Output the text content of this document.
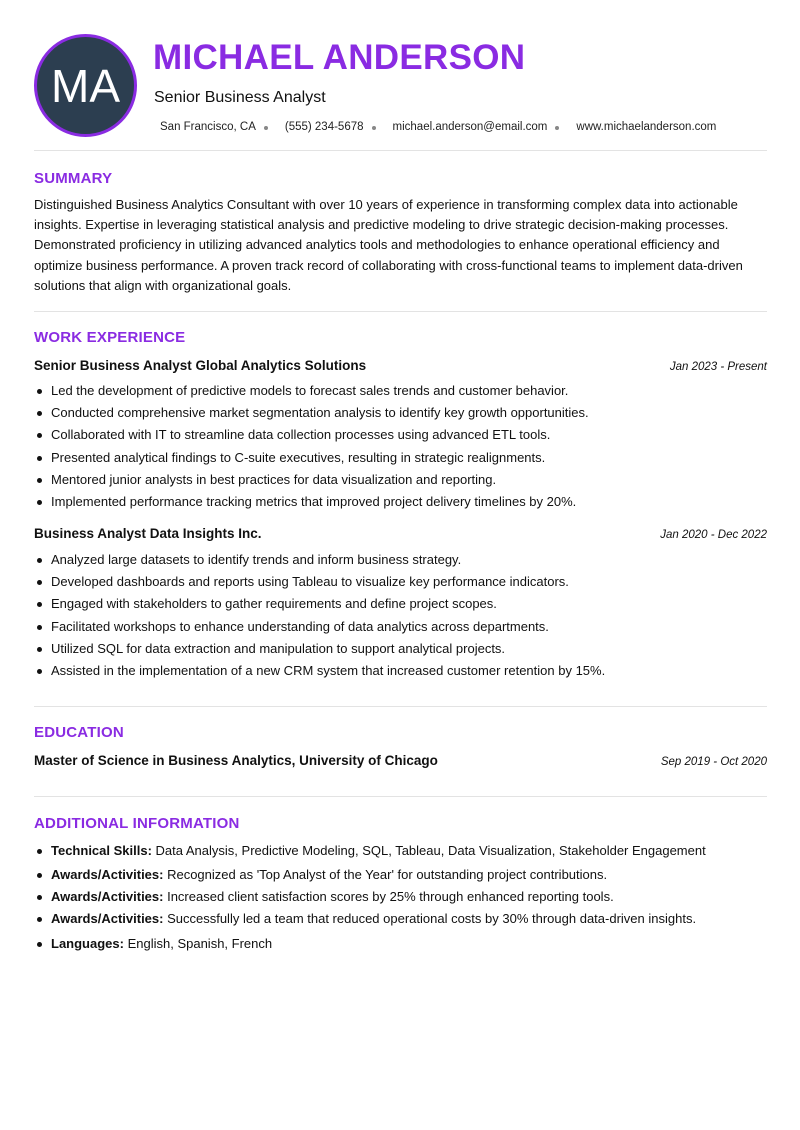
MA
MICHAEL ANDERSON
Senior Business Analyst
San Francisco, CA	(555) 234-5678	michael.anderson@email.com	www.michaelanderson.com
SUMMARY

Distinguished Business Analytics Consultant with over 10 years of experience in transforming complex data into actionable insights. Expertise in leveraging statistical analysis and predictive modeling to drive strategic decision-making processes. Demonstrated proficiency in utilizing advanced analytics tools and methodologies to enhance operational efficiency and optimize business performance. A proven track record of collaborating with cross-functional teams to implement data-driven solutions that align with organizational goals.

WORK EXPERIENCE
Senior Business Analyst Global Analytics Solutions	Jan 2023 - Present
Led the development of predictive models to forecast sales trends and customer behavior.
Conducted comprehensive market segmentation analysis to identify key growth opportunities.
Collaborated with IT to streamline data collection processes using advanced ETL tools.
Presented analytical findings to C-suite executives, resulting in strategic realignments.
Mentored junior analysts in best practices for data visualization and reporting.
Implemented performance tracking metrics that improved project delivery timelines by 20%.
Business Analyst Data Insights Inc.	Jan 2020 - Dec 2022
Analyzed large datasets to identify trends and inform business strategy.
Developed dashboards and reports using Tableau to visualize key performance indicators.
Engaged with stakeholders to gather requirements and define project scopes.
Facilitated workshops to enhance understanding of data analytics across departments.
Utilized SQL for data extraction and manipulation to support analytical projects.
Assisted in the implementation of a new CRM system that increased customer retention by 15%.
EDUCATION
Master of Science in Business Analytics, University of Chicago	Sep 2019 - Oct 2020
ADDITIONAL INFORMATION
Technical Skills: Data Analysis, Predictive Modeling, SQL, Tableau, Data Visualization, Stakeholder Engagement
Awards/Activities: Recognized as 'Top Analyst of the Year' for outstanding project contributions.
Awards/Activities: Increased client satisfaction scores by 25% through enhanced reporting tools.
Awards/Activities: Successfully led a team that reduced operational costs by 30% through data-driven insights.
Languages: English, Spanish, French
